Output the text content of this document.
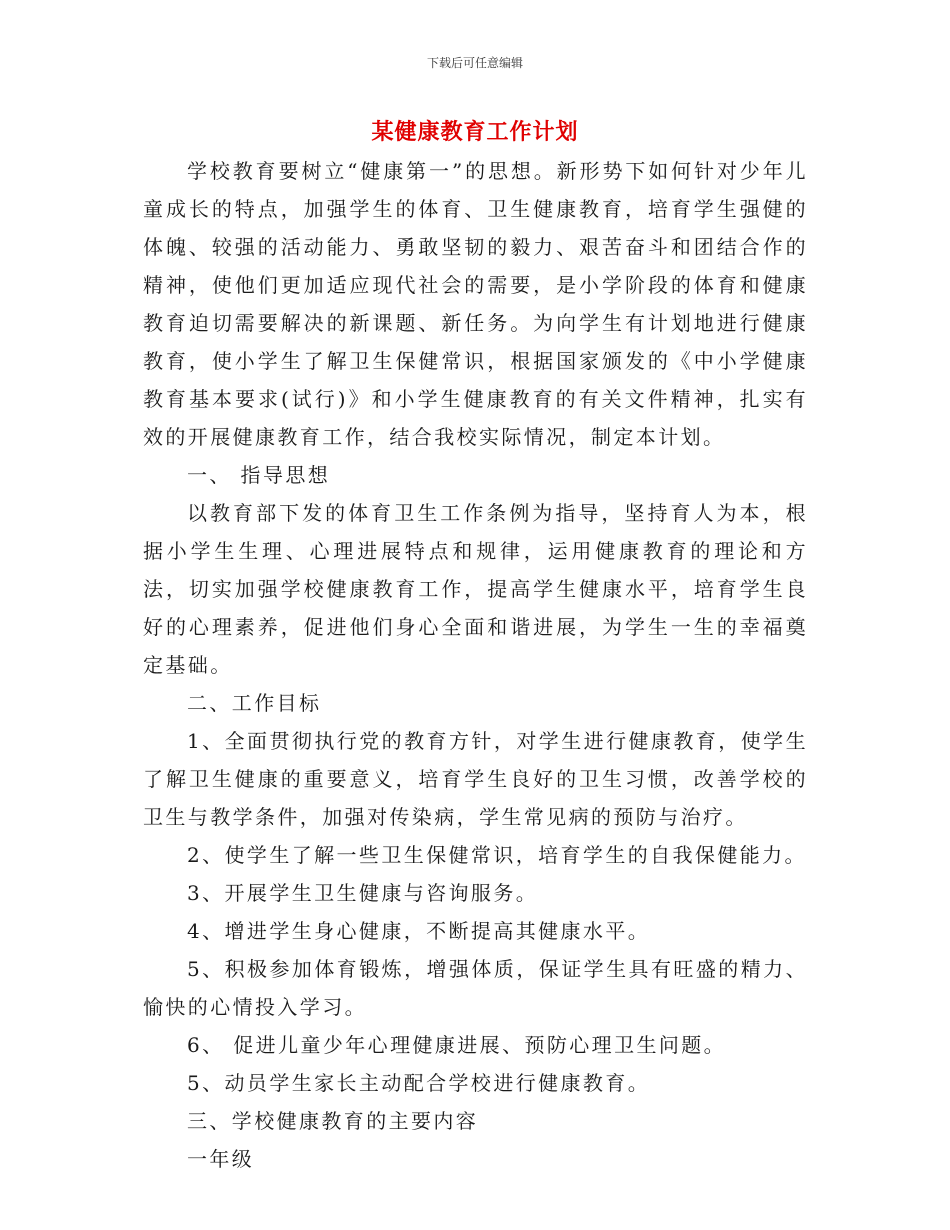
下载后可任意编辑
某健康教育工作计划

学校教育要树立“健康第一”的思想。新形势下如何针对少年儿童成长的特点，加强学生的体育、卫生健康教育，培育学生强健的体魄、较强的活动能力、勇敢坚韧的毅力、艰苦奋斗和团结合作的精神，使他们更加适应现代社会的需要，是小学阶段的体育和健康教育迫切需要解决的新课题、新任务。为向学生有计划地进行健康教育，使小学生了解卫生保健常识，根据国家颁发的《中小学健康教育基本要求(试行)》和小学生健康教育的有关文件精神，扎实有效的开展健康教育工作，结合我校实际情况，制定本计划。

一、 指导思想

以教育部下发的体育卫生工作条例为指导，坚持育人为本，根据小学生生理、心理进展特点和规律，运用健康教育的理论和方法，切实加强学校健康教育工作，提高学生健康水平，培育学生良好的心理素养，促进他们身心全面和谐进展，为学生一生的幸福奠定基础。

二、工作目标

1、全面贯彻执行党的教育方针，对学生进行健康教育，使学生了解卫生健康的重要意义，培育学生良好的卫生习惯，改善学校的卫生与教学条件，加强对传染病，学生常见病的预防与治疗。

2、使学生了解一些卫生保健常识，培育学生的自我保健能力。

3、开展学生卫生健康与咨询服务。

4、增进学生身心健康，不断提高其健康水平。

5、积极参加体育锻炼，增强体质，保证学生具有旺盛的精力、愉快的心情投入学习。

6、 促进儿童少年心理健康进展、预防心理卫生问题。

5、动员学生家长主动配合学校进行健康教育。

三、学校健康教育的主要内容

一年级
